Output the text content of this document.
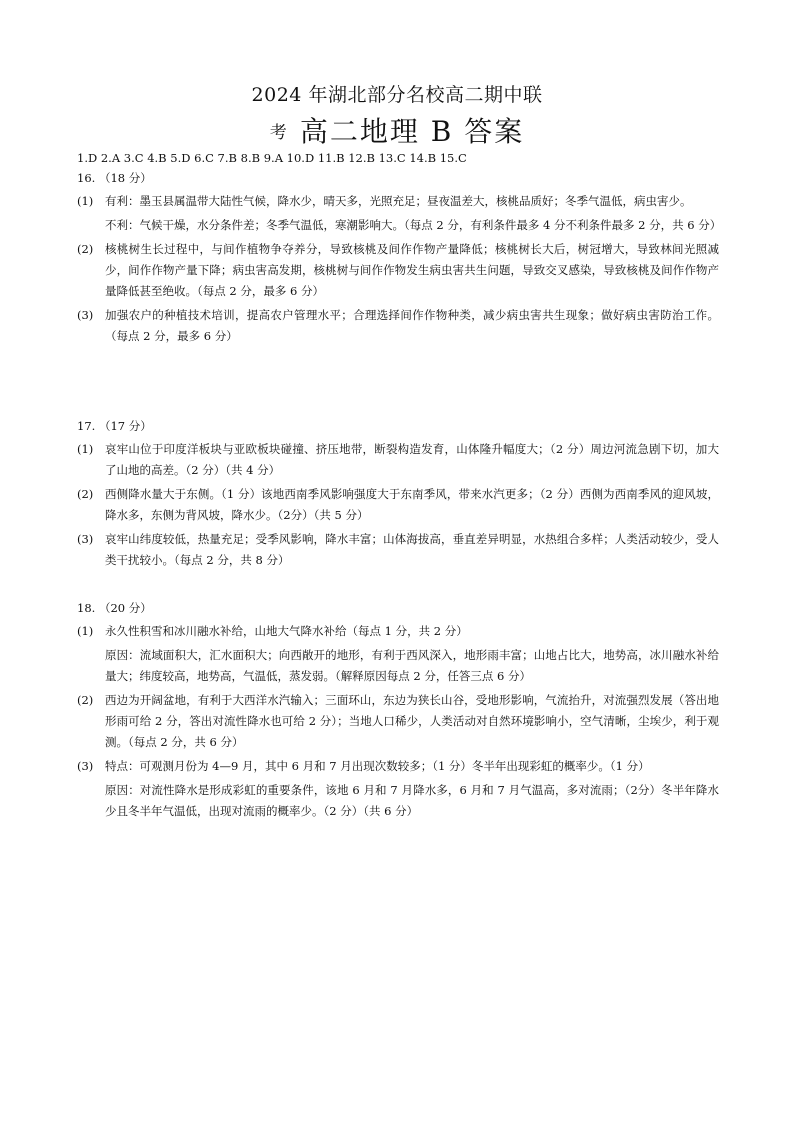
2024 年湖北部分名校高二期中联
考 高二地理 B 答案
1.D 2.A 3.C 4.B 5.D 6.C 7.B 8.B 9.A 10.D 11.B 12.B 13.C 14.B 15.C

16. （18 分）

(1)	有利：墨玉县属温带大陆性气候，降水少，晴天多，光照充足；昼夜温差大，核桃品质好；冬季气温低，病虫害少。

不利：气候干燥，水分条件差；冬季气温低，寒潮影响大。（每点 2 分，有利条件最多 4 分不利条件最多 2 分，共 6 分）

(2)	核桃树生长过程中，与间作植物争夺养分，导致核桃及间作作物产量降低；核桃树长大后，树冠增大，导致林间光照减少，间作作物产量下降；病虫害高发期，核桃树与间作作物发生病虫害共生问题，导致交叉感染，导致核桃及间作作物产量降低甚至绝收。（每点 2 分，最多 6 分）
(3)	加强农户的种植技术培训，提高农户管理水平；合理选择间作作物种类，减少病虫害共生现象；做好病虫害防治工作。（每点 2 分，最多 6 分）

17. （17 分）

(1)	哀牢山位于印度洋板块与亚欧板块碰撞、挤压地带，断裂构造发育，山体隆升幅度大；（2 分）周边河流急剧下切，加大了山地的高差。（2 分）（共 4 分）
(2)	西侧降水量大于东侧。（1 分）该地西南季风影响强度大于东南季风，带来水汽更多；（2 分）西侧为西南季风的迎风坡，降水多，东侧为背风坡，降水少。（2分）（共 5 分）
(3)	哀牢山纬度较低，热量充足；受季风影响，降水丰富；山体海拔高，垂直差异明显，水热组合多样；人类活动较少，受人类干扰较小。（每点 2 分，共 8 分）

18. （20 分）

(1)	永久性积雪和冰川融水补给，山地大气降水补给（每点 1 分，共 2 分）

原因：流域面积大，汇水面积大；向西敞开的地形，有利于西风深入，地形雨丰富；山地占比大，地势高，冰川融水补给量大；纬度较高，地势高，气温低，蒸发弱。（解释原因每点 2 分，任答三点 6 分）

(2)	西边为开阔盆地，有利于大西洋水汽输入；三面环山，东边为狭长山谷，受地形影响，气流抬升，对流强烈发展（答出地形雨可给 2 分，答出对流性降水也可给 2 分）；当地人口稀少，人类活动对自然环境影响小，空气清晰，尘埃少，利于观测。（每点 2 分，共 6 分）
(3)	特点：可观测月份为 4—9 月，其中 6 月和 7 月出现次数较多；（1 分）冬半年出现彩虹的概率少。（1 分）

原因：对流性降水是形成彩虹的重要条件，该地 6 月和 7 月降水多，6 月和 7 月气温高，多对流雨；（2分）冬半年降水少且冬半年气温低，出现对流雨的概率少。（2 分）（共 6 分）
